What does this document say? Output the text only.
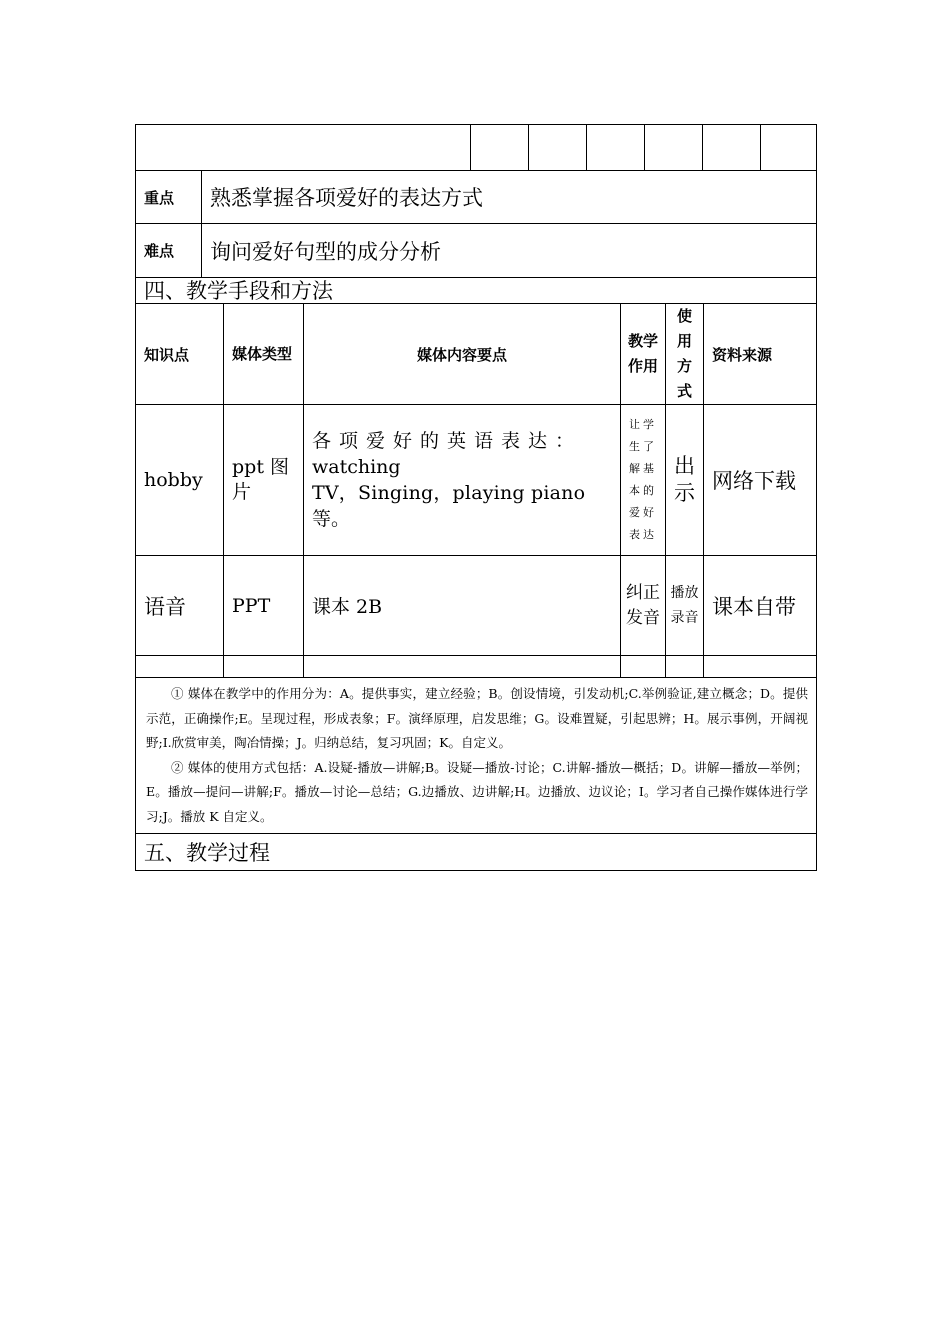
重点	熟悉掌握各项爱好的表达方式						
难点	询问爱好句型的成分分析						
四、教学手段和方法							
知识点	媒体类型	媒体内容要点	教学作用	使用方式	资料来源
hobby	ppt 图片	各项爱好的英语表达：
watching
TV，Singing，playing piano
等。	让学生了解基本的爱好表达	出示	网络下载
语音	PPT	课本 2B	纠正发音	播放录音	课本自带

① 媒体在教学中的作用分为：A。提供事实，建立经验；B。创设情境，引发动机;C.举例验证,建立概念；D。提供示范，正确操作;E。呈现过程，形成表象；F。演绎原理，启发思维；G。设难置疑，引起思辨；H。展示事例，开阔视野;I.欣赏审美，陶冶情操；J。归纳总结，复习巩固；K。自定义。

② 媒体的使用方式包括：A.设疑-播放—讲解;B。设疑—播放-讨论；C.讲解-播放—概括；D。讲解—播放—举例；E。播放—提问—讲解;F。播放—讨论—总结；G.边播放、边讲解;H。边播放、边议论；I。学习者自己操作媒体进行学习;J。播放 K 自定义。					

五、教学过程					
